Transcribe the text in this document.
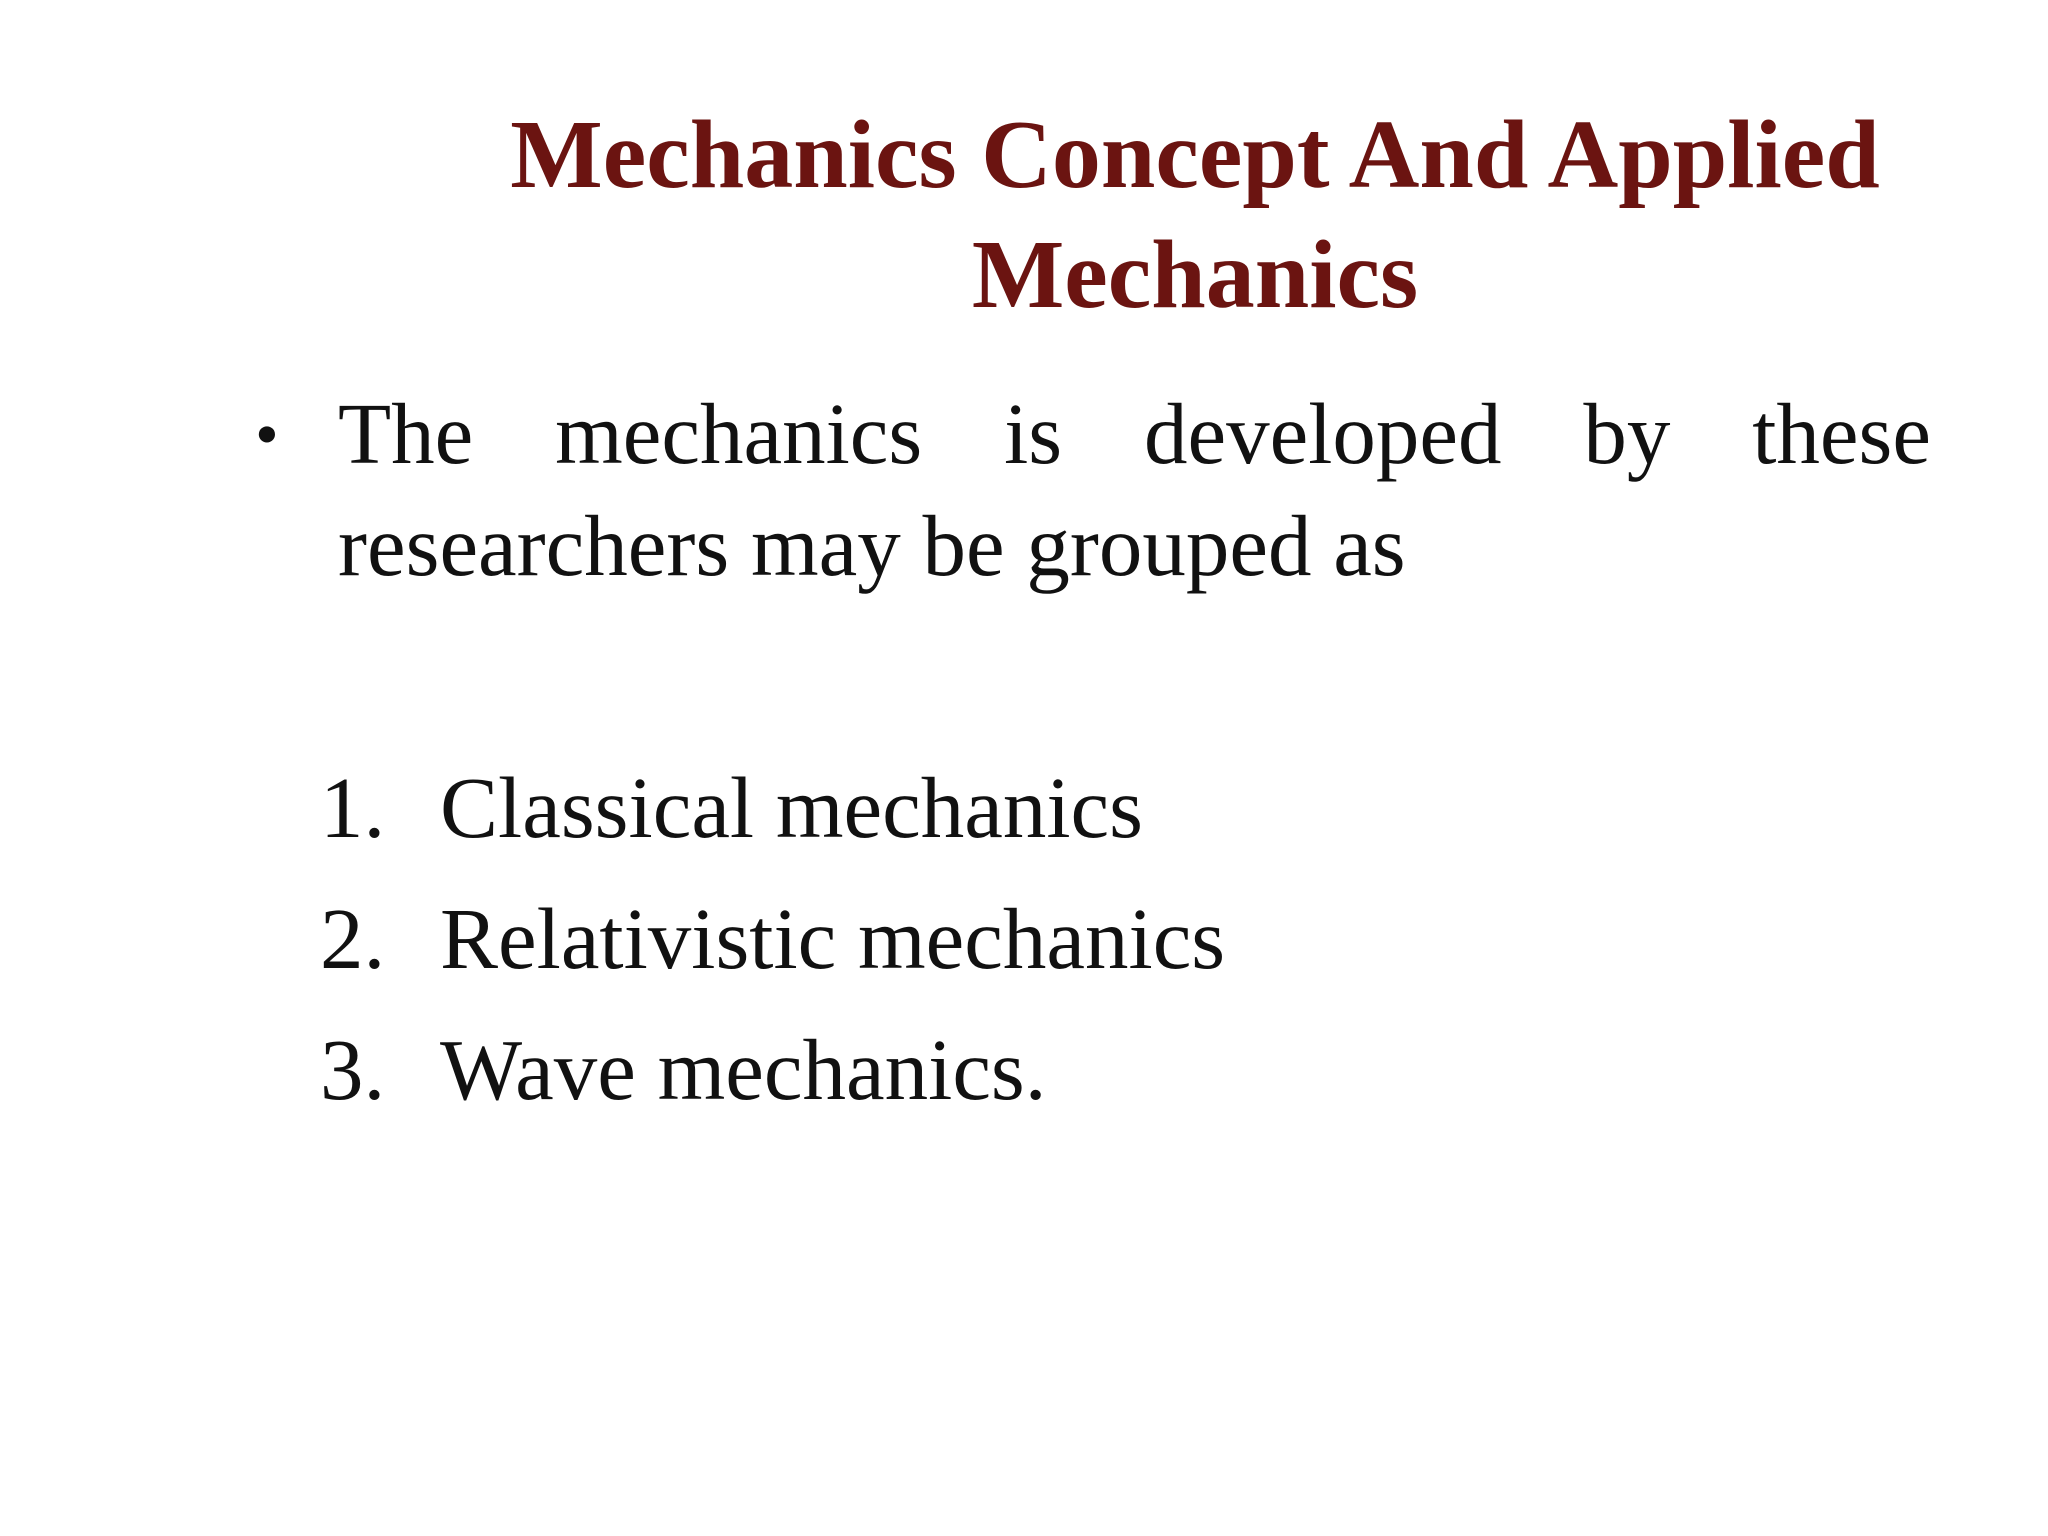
Mechanics Concept And Applied
Mechanics
• The mechanics is developed by these
researchers may be grouped as
1. Classical mechanics
2. Relativistic mechanics
3. Wave mechanics.
